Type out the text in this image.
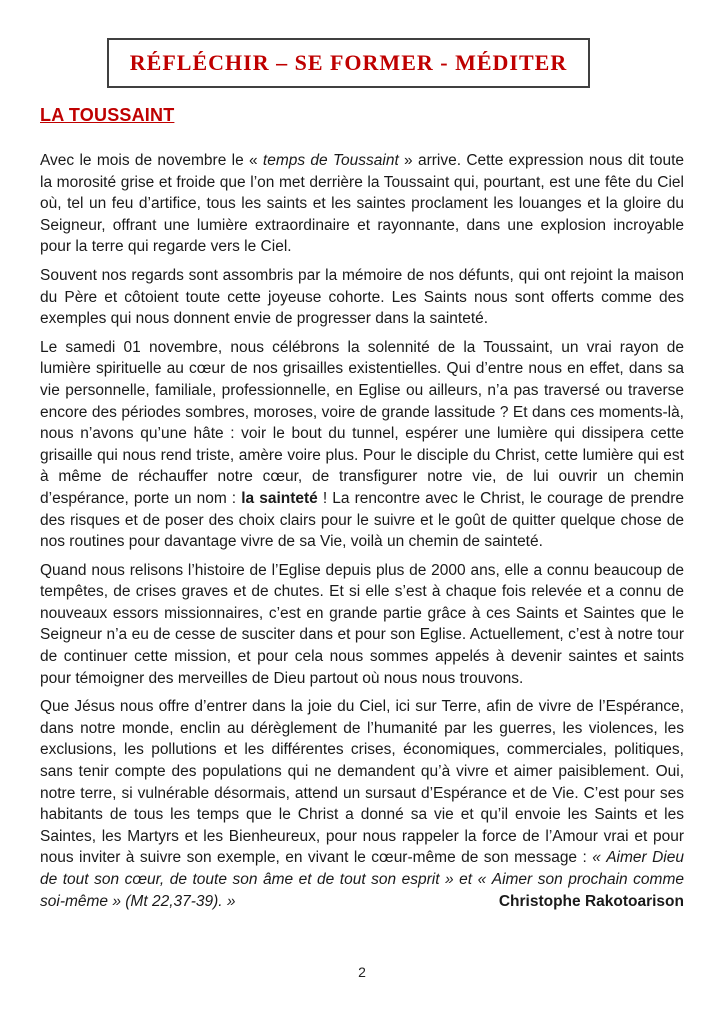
RÉFLÉCHIR – SE FORMER - MÉDITER
LA TOUSSAINT

Avec le mois de novembre le « temps de Toussaint » arrive. Cette expression nous dit toute la morosité grise et froide que l’on met derrière la Toussaint qui, pourtant, est une fête du Ciel où, tel un feu d’artifice, tous les saints et les saintes proclament les louanges et la gloire du Seigneur, offrant une lumière extraordinaire et rayonnante, dans une explosion incroyable pour la terre qui regarde vers le Ciel.

Souvent nos regards sont assombris par la mémoire de nos défunts, qui ont rejoint la maison du Père et côtoient toute cette joyeuse cohorte. Les Saints nous sont offerts comme des exemples qui nous donnent envie de progresser dans la sainteté.

Le samedi 01 novembre, nous célébrons la solennité de la Toussaint, un vrai rayon de lumière spirituelle au cœur de nos grisailles existentielles. Qui d’entre nous en effet, dans sa vie personnelle, familiale, professionnelle, en Eglise ou ailleurs, n’a pas traversé ou traverse encore des périodes sombres, moroses, voire de grande lassitude ? Et dans ces moments-là, nous n’avons qu’une hâte : voir le bout du tunnel, espérer une lumière qui dissipera cette grisaille qui nous rend triste, amère voire plus. Pour le disciple du Christ, cette lumière qui est à même de réchauffer notre cœur, de transfigurer notre vie, de lui ouvrir un chemin d’espérance, porte un nom : la sainteté ! La rencontre avec le Christ, le courage de prendre des risques et de poser des choix clairs pour le suivre et le goût de quitter quelque chose de nos routines pour davantage vivre de sa Vie, voilà un chemin de sainteté.

Quand nous relisons l’histoire de l’Eglise depuis plus de 2000 ans, elle a connu beaucoup de tempêtes, de crises graves et de chutes. Et si elle s’est à chaque fois relevée et a connu de nouveaux essors missionnaires, c’est en grande partie grâce à ces Saints et Saintes que le Seigneur n’a eu de cesse de susciter dans et pour son Eglise. Actuellement, c’est à notre tour de continuer cette mission, et pour cela nous sommes appelés à devenir saintes et saints pour témoigner des merveilles de Dieu partout où nous nous trouvons.

Que Jésus nous offre d’entrer dans la joie du Ciel, ici sur Terre, afin de vivre de l’Espérance, dans notre monde, enclin au dérèglement de l’humanité par les guerres, les violences, les exclusions, les pollutions et les différentes crises, économiques, commerciales, politiques, sans tenir compte des populations qui ne demandent qu’à vivre et aimer paisiblement. Oui, notre terre, si vulnérable désormais, attend un sursaut d’Espérance et de Vie. C’est pour ses habitants de tous les temps que le Christ a donné sa vie et qu’il envoie les Saints et les Saintes, les Martyrs et les Bienheureux, pour nous rappeler la force de l’Amour vrai et pour nous inviter à suivre son exemple, en vivant le cœur-même de son message : « Aimer Dieu de tout son cœur, de toute son âme et de tout son esprit » et « Aimer son prochain comme soi-même » (Mt 22,37-39). »	Christophe Rakotoarison
2
